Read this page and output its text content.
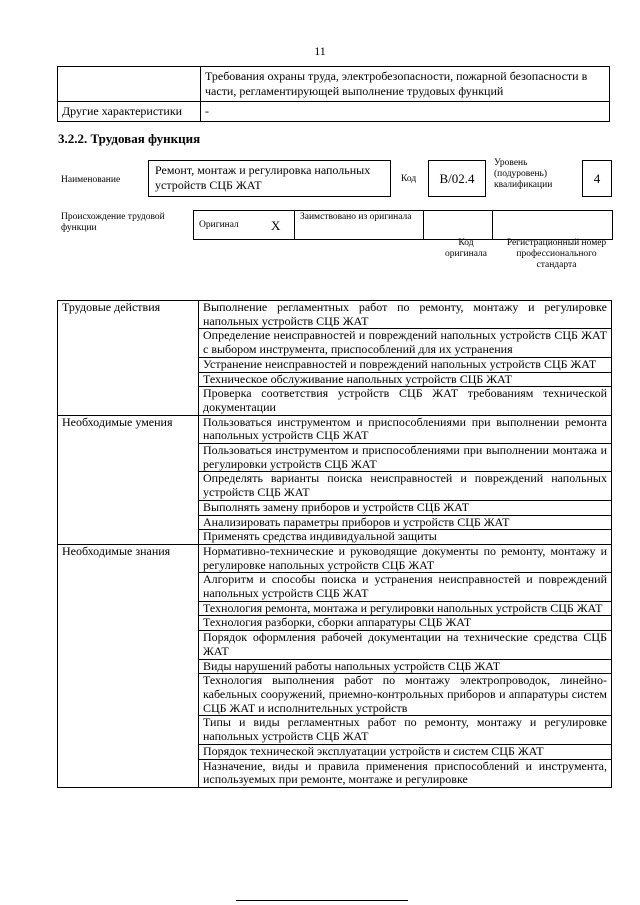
11
	Требования охраны труда, электробезопасности, пожарной безопасности в части, регламентирующей выполнение трудовых функций
Другие характеристики	-
3.2.2. Трудовая функция
Наименование
Ремонт, монтаж и регулировка напольных устройств СЦБ ЖАТ	Код	B/02.4
Уровень (подуровень) квалификации	4
Происхождение трудовой функции	Оригинал	X	Заимствовано из оригинала		
Код оригинала
Регистрационный номер профессионального стандарта
Трудовые действия	Выполнение регламентных работ по ремонту, монтажу и регулировке напольных устройств СЦБ ЖАТ
	Определение неисправностей и повреждений напольных устройств СЦБ ЖАТ с выбором инструмента, приспособлений для их устранения
	Устранение неисправностей и повреждений напольных устройств СЦБ ЖАТ
	Техническое обслуживание напольных устройств СЦБ ЖАТ
	Проверка соответствия устройств СЦБ ЖАТ требованиям технической документации
Необходимые умения	Пользоваться инструментом и приспособлениями при выполнении ремонта напольных устройств СЦБ ЖАТ
	Пользоваться инструментом и приспособлениями при выполнении монтажа и регулировки устройств СЦБ ЖАТ
	Определять варианты поиска неисправностей и повреждений напольных устройств СЦБ ЖАТ
	Выполнять замену приборов и устройств СЦБ ЖАТ
	Анализировать параметры приборов и устройств СЦБ ЖАТ
	Применять средства индивидуальной защиты
Необходимые знания	Нормативно-технические и руководящие документы по ремонту, монтажу и регулировке напольных устройств СЦБ ЖАТ
	Алгоритм и способы поиска и устранения неисправностей и повреждений напольных устройств СЦБ ЖАТ
	Технология ремонта, монтажа и регулировки напольных устройств СЦБ ЖАТ
	Технология разборки, сборки аппаратуры СЦБ ЖАТ
	Порядок оформления рабочей документации на технические средства СЦБ ЖАТ
	Виды нарушений работы напольных устройств СЦБ ЖАТ
	Технология выполнения работ по монтажу электропроводок, линейно-кабельных сооружений, приемно-контрольных приборов и аппаратуры систем СЦБ ЖАТ и исполнительных устройств
	Типы и виды регламентных работ по ремонту, монтажу и регулировке напольных устройств СЦБ ЖАТ
	Порядок технической эксплуатации устройств и систем СЦБ ЖАТ
	Назначение, виды и правила применения приспособлений и инструмента, используемых при ремонте, монтаже и регулировке
